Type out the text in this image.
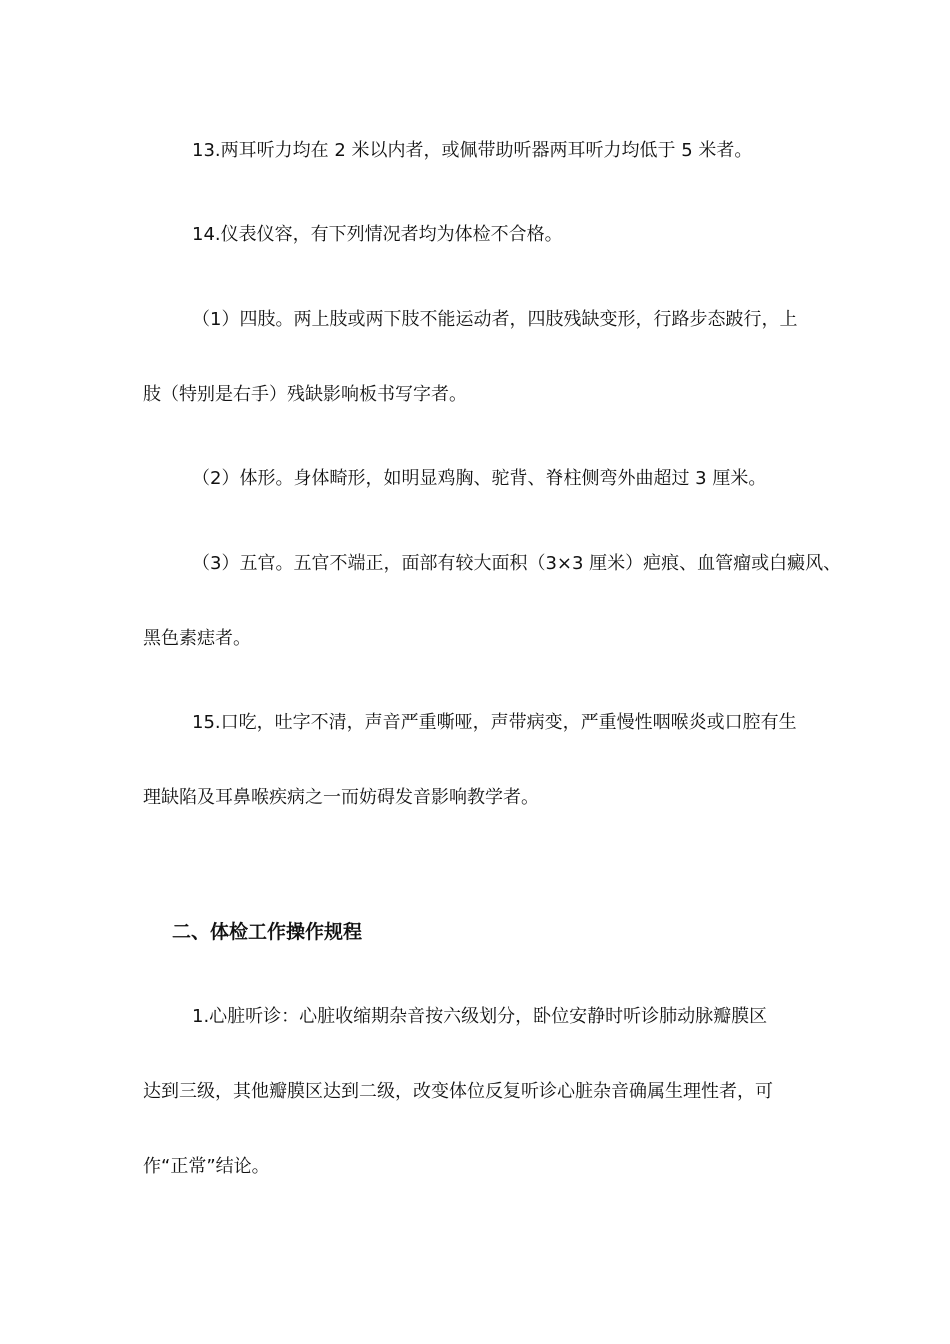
13.两耳听力均在 2 米以内者，或佩带助听器两耳听力均低于 5 米者。

14.仪表仪容，有下列情况者均为体检不合格。

（1）四肢。两上肢或两下肢不能运动者，四肢残缺变形，行路步态跛行，上

肢（特别是右手）残缺影响板书写字者。

（2）体形。身体畸形，如明显鸡胸、驼背、脊柱侧弯外曲超过 3 厘米。

（3）五官。五官不端正，面部有较大面积（3×3 厘米）疤痕、血管瘤或白癜风、

黑色素痣者。

15.口吃，吐字不清，声音严重嘶哑，声带病变，严重慢性咽喉炎或口腔有生

理缺陷及耳鼻喉疾病之一而妨碍发音影响教学者。

二、体检工作操作规程

1.心脏听诊：心脏收缩期杂音按六级划分，卧位安静时听诊肺动脉瓣膜区

达到三级，其他瓣膜区达到二级，改变体位反复听诊心脏杂音确属生理性者，可

作“正常”结论。
